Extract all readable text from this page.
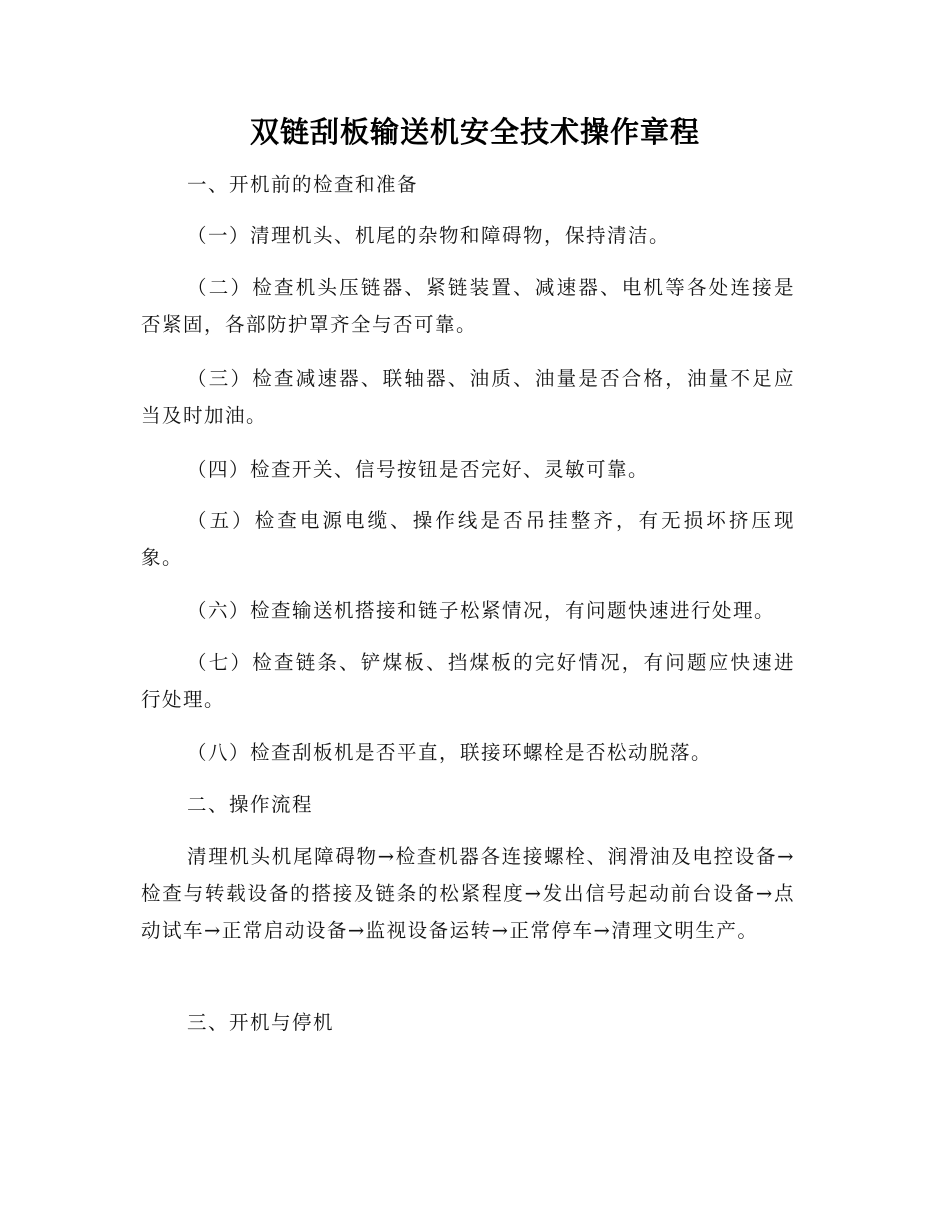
双链刮板输送机安全技术操作章程

一、开机前的检查和准备

（一）清理机头、机尾的杂物和障碍物，保持清洁。

（二）检查机头压链器、紧链装置、减速器、电机等各处连接是否紧固，各部防护罩齐全与否可靠。

（三）检查减速器、联轴器、油质、油量是否合格，油量不足应当及时加油。

（四）检查开关、信号按钮是否完好、灵敏可靠。

（五）检查电源电缆、操作线是否吊挂整齐，有无损坏挤压现象。

（六）检查输送机搭接和链子松紧情况，有问题快速进行处理。

（七）检查链条、铲煤板、挡煤板的完好情况，有问题应快速进行处理。

（八）检查刮板机是否平直，联接环螺栓是否松动脱落。

二、操作流程

清理机头机尾障碍物→检查机器各连接螺栓、润滑油及电控设备→检查与转载设备的搭接及链条的松紧程度→发出信号起动前台设备→点动试车→正常启动设备→监视设备运转→正常停车→清理文明生产。

三、开机与停机
